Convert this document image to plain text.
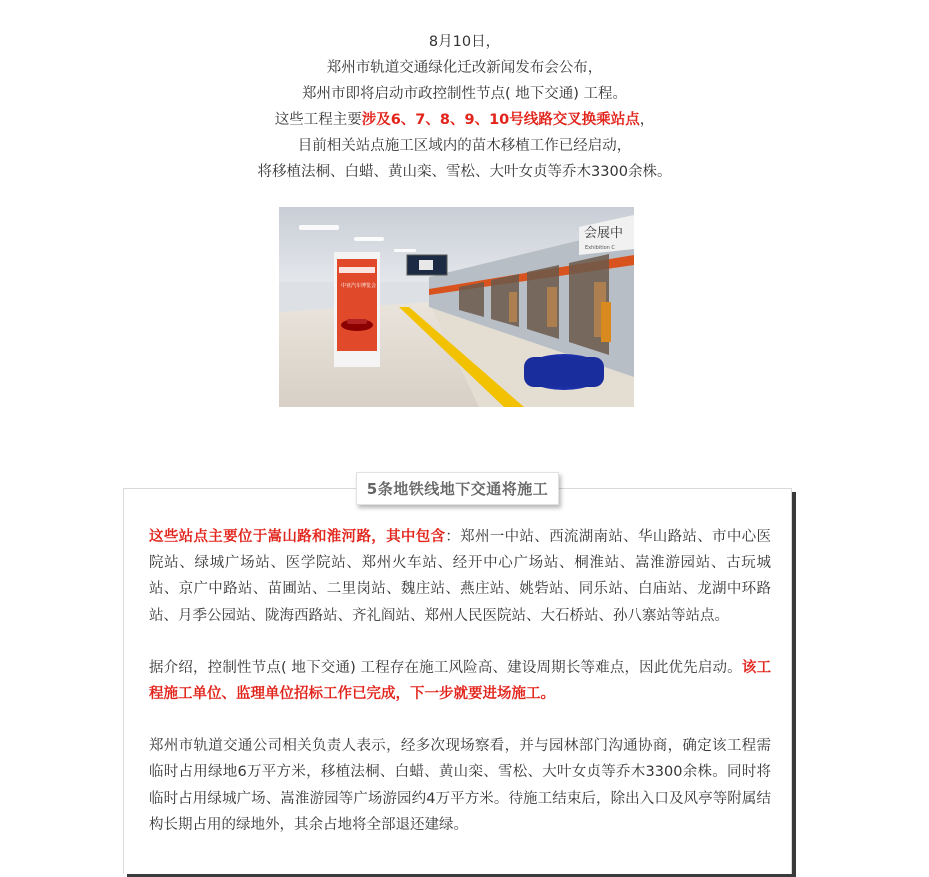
8月10日，

郑州市轨道交通绿化迁改新闻发布会公布，

郑州市即将启动市政控制性节点( 地下交通) 工程。

这些工程主要涉及6、7、8、9、10号线路交叉换乘站点，

目前相关站点施工区域内的苗木移植工作已经启动，

将移植法桐、白蜡、黄山栾、雪松、大叶女贞等乔木3300余株。

会展中
Exhibition C
中亚汽车博览会
5条地铁线地下交通将施工

这些站点主要位于嵩山路和淮河路，其中包含：郑州一中站、西流湖南站、华山路站、市中心医院站、绿城广场站、医学院站、郑州火车站、经开中心广场站、桐淮站、嵩淮游园站、古玩城站、京广中路站、苗圃站、二里岗站、魏庄站、燕庄站、姚砦站、同乐站、白庙站、龙湖中环路站、月季公园站、陇海西路站、齐礼阎站、郑州人民医院站、大石桥站、孙八寨站等站点。

据介绍，控制性节点( 地下交通) 工程存在施工风险高、建设周期长等难点，因此优先启动。该工程施工单位、监理单位招标工作已完成，下一步就要进场施工。

郑州市轨道交通公司相关负责人表示，经多次现场察看，并与园林部门沟通协商，确定该工程需临时占用绿地6万平方米，移植法桐、白蜡、黄山栾、雪松、大叶女贞等乔木3300余株。同时将临时占用绿城广场、嵩淮游园等广场游园约4万平方米。待施工结束后，除出入口及风亭等附属结构长期占用的绿地外，其余占地将全部退还建绿。
